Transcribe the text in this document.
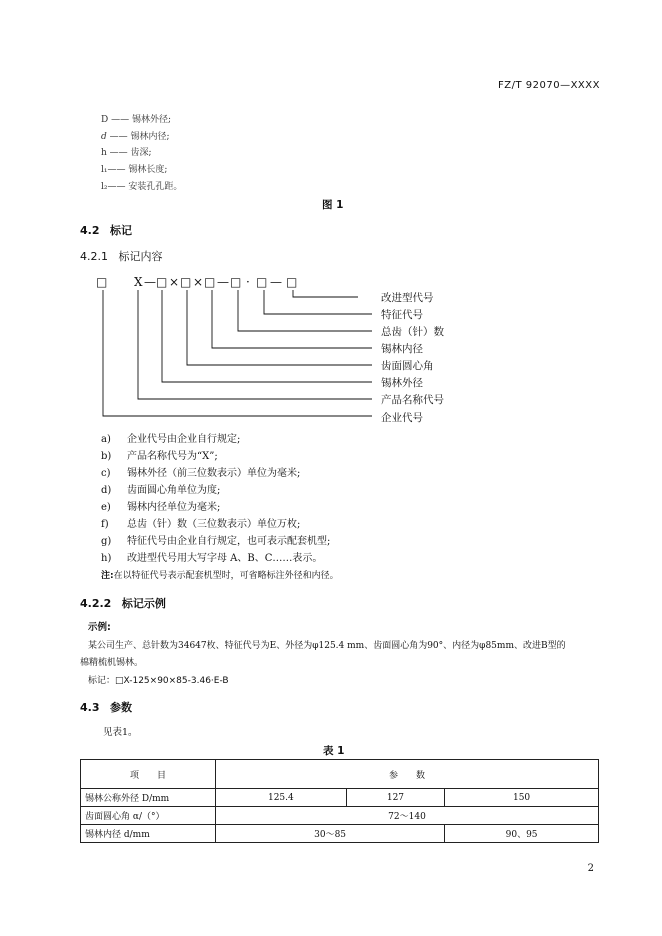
FZ/T 92070—XXXX
D —— 锡林外径;
d —— 锡林内径;
h —— 齿深;
l₁—— 锡林长度;
l₂—— 安装孔孔距。
图 1
4.2 标记
4.2.1 标记内容
□ X — □ × □ × □ — □ · □ — □
改进型代号
特征代号
总齿（针）数
锡林内径
齿面圆心角
锡林外径
产品名称代号
企业代号
a) 企业代号由企业自行规定;
b) 产品名称代号为“X”;
c) 锡林外径（前三位数表示）单位为毫米;
d) 齿面圆心角单位为度;
e) 锡林内径单位为毫米;
f) 总齿（针）数（三位数表示）单位万枚;
g) 特征代号由企业自行规定，也可表示配套机型;
h) 改进型代号用大写字母 A、B、C……表示。
注:在以特征代号表示配套机型时，可省略标注外径和内径。
4.2.2 标记示例
示例:
某公司生产、总针数为34647枚、特征代号为E、外径为φ125.4 mm、齿面圆心角为90°、内径为φ85mm、改进B型的
棉精梳机锡林。
标记：□X-125×90×85-3.46·E-B
4.3 参数
见表1。
表 1
项　　目	参　　数		
锡林公称外径 D/mm	125.4	127	150
齿面圆心角 α/（°）	72～140		
锡林内径 d/mm	30～85		90、95
2
